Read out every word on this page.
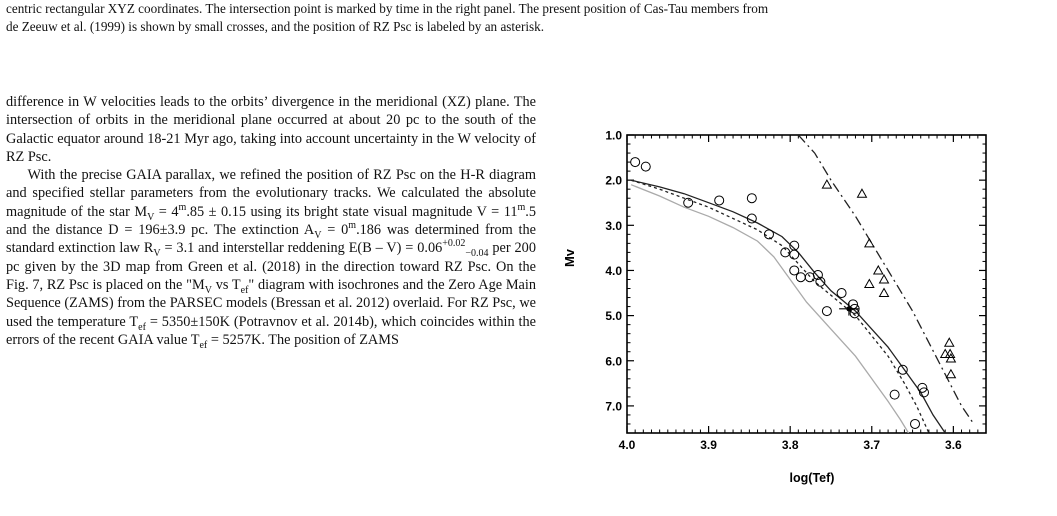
centric rectangular XYZ coordinates. The intersection point is marked by time in the right panel. The present position of Cas-Tau members from
de Zeeuw et al. (1999) is shown by small crosses, and the position of RZ Psc is labeled by an asterisk.

difference in W velocities leads to the orbits’ divergence in the meridional (XZ) plane. The intersection of orbits in the meridional plane occurred at about 20 pc to the south of the Galactic equator around 18-21 Myr ago, taking into account uncertainty in the W velocity of RZ Psc.

With the precise GAIA parallax, we refined the position of RZ Psc on the H-R diagram and specified stellar parameters from the evolutionary tracks. We calculated the absolute magnitude of the star $M_V = 4^m.85 \pm 0.15$ using its bright state visual magnitude $V = 11^m.5$ and the distance D = 196±3.9 pc. The extinction $A_V = 0^m.186$ was determined from the standard extinction law $R_V = 3.1$ and interstellar reddening $E(B - V) = 0.06^{+0.02}_{-0.04}$ per 200 pc given by the 3D map from Green et al. (2018) in the direction toward RZ Psc. On the Fig. 7, RZ Psc is placed on the "$M_V$ vs $T_{ef}$" diagram with isochrones and the Zero Age Main Sequence (ZAMS) from the PARSEC models (Bressan et al. 2012) overlaid. For RZ Psc, we used the temperature $T_{ef} = 5350\pm 150K$ (Potravnov et al. 2014b), which coincides within the errors of the recent GAIA value $T_{ef} = 5257K$. The position of ZAMS

Mv
log(Tef)
4.0	3.9	3.8	3.7	3.6
1.0
2.0
3.0
4.0
5.0
6.0
7.0
